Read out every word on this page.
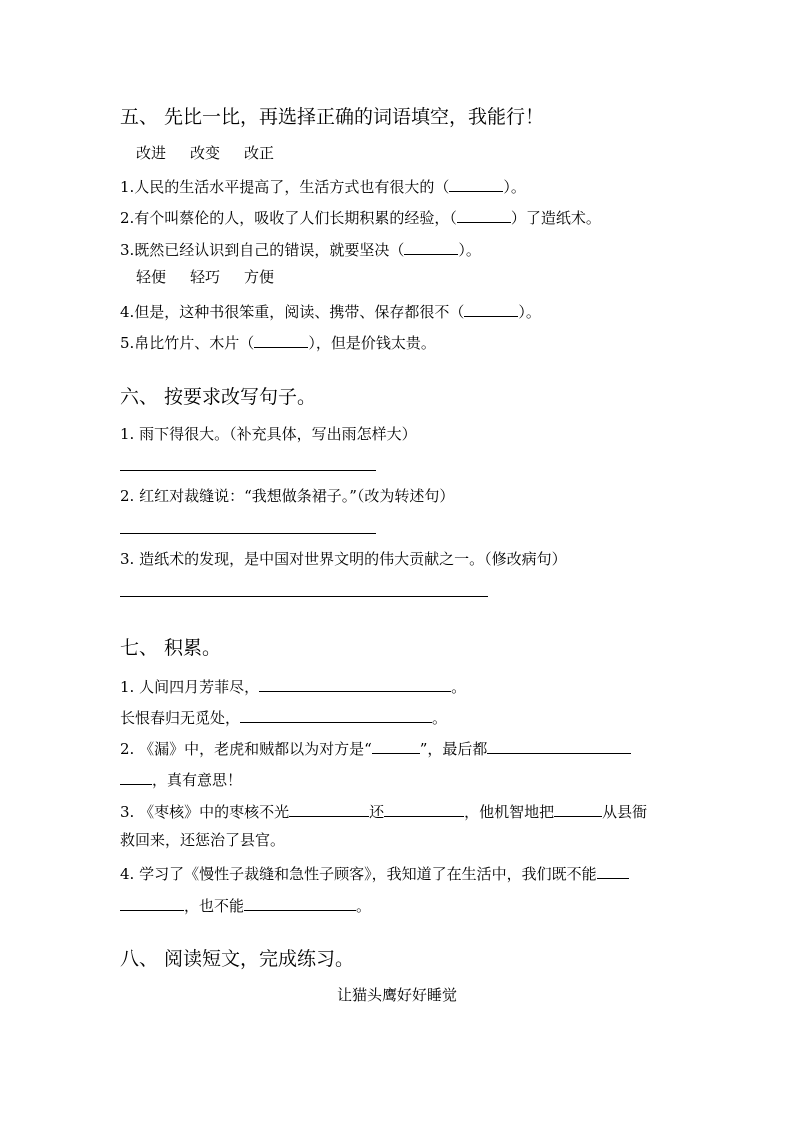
五、 先比一比，再选择正确的词语填空，我能行！
改进 改变 改正
1.人民的生活水平提高了，生活方式也有很大的（	）。
2.有个叫蔡伦的人，吸收了人们长期积累的经验，（	）了造纸术。
3.既然已经认识到自己的错误，就要坚决（	）。
轻便 轻巧 方便
4.但是，这种书很笨重，阅读、携带、保存都很不（	）。
5.帛比竹片、木片（	），但是价钱太贵。
六、 按要求改写句子。
1. 雨下得很大。（补充具体，写出雨怎样大）
2. 红红对裁缝说：“我想做条裙子。”（改为转述句）
3. 造纸术的发现，是中国对世界文明的伟大贡献之一。（修改病句）
七、 积累。
1. 人间四月芳菲尽，	。
长恨春归无觅处，	。
2. 《漏》中，老虎和贼都以为对方是“	”，最后都
，真有意思！
3. 《枣核》中的枣核不光	还	，他机智地把	从县衙
救回来，还惩治了县官。
4. 学习了《慢性子裁缝和急性子顾客》，我知道了在生活中，我们既不能
，也不能	。
八、 阅读短文，完成练习。
让猫头鹰好好睡觉
